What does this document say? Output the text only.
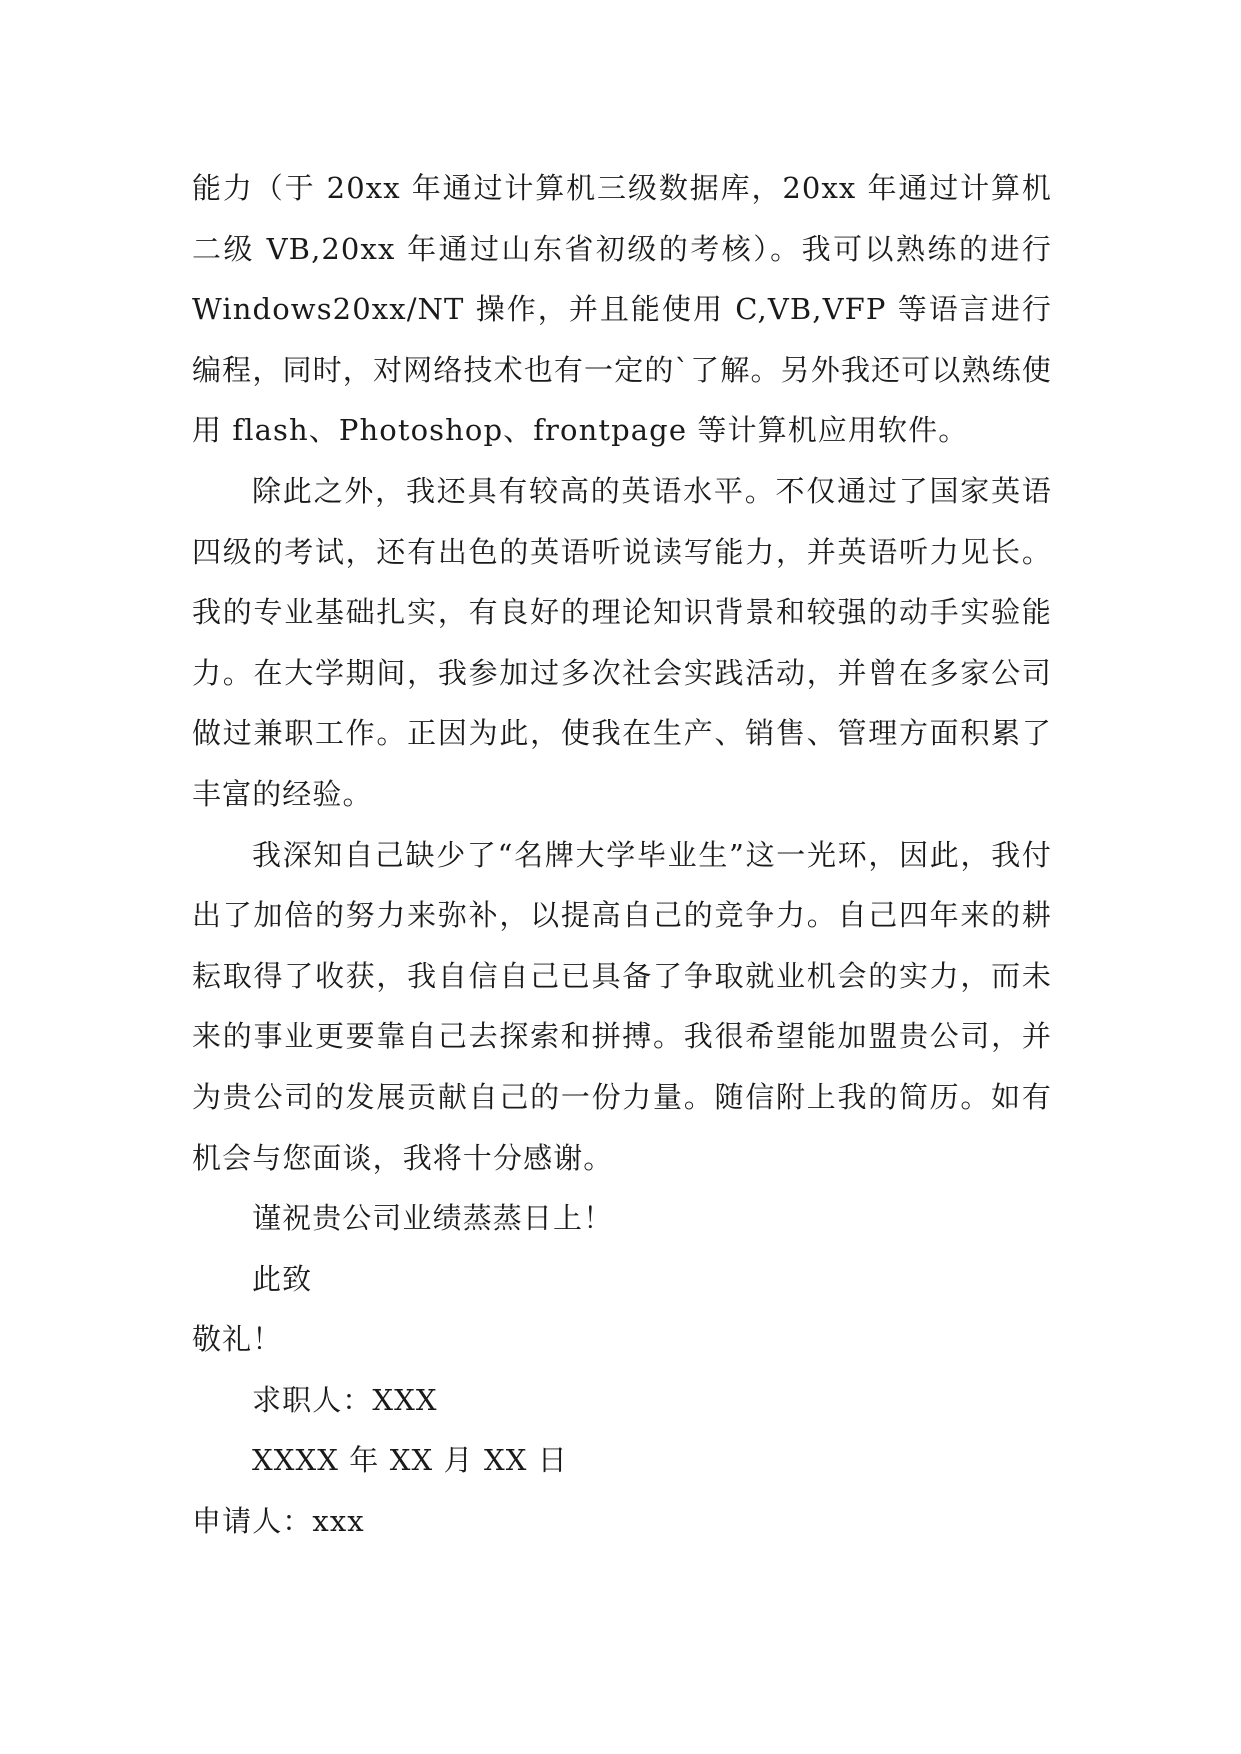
能力（于 20xx 年通过计算机三级数据库，20xx 年通过计算机二级 VB,20xx 年通过山东省初级的考核）。我可以熟练的进行 Windows20xx/NT 操作，并且能使用 C,VB,VFP 等语言进行编程，同时，对网络技术也有一定的`了解。另外我还可以熟练使用 flash、Photoshop、frontpage 等计算机应用软件。

除此之外，我还具有较高的英语水平。不仅通过了国家英语四级的考试，还有出色的英语听说读写能力，并英语听力见长。我的专业基础扎实，有良好的理论知识背景和较强的动手实验能力。在大学期间，我参加过多次社会实践活动，并曾在多家公司做过兼职工作。正因为此，使我在生产、销售、管理方面积累了丰富的经验。

我深知自己缺少了“名牌大学毕业生”这一光环，因此，我付出了加倍的努力来弥补，以提高自己的竞争力。自己四年来的耕耘取得了收获，我自信自己已具备了争取就业机会的实力，而未来的事业更要靠自己去探索和拼搏。我很希望能加盟贵公司，并为贵公司的发展贡献自己的一份力量。随信附上我的简历。如有机会与您面谈，我将十分感谢。

谨祝贵公司业绩蒸蒸日上！

此致

敬礼！

求职人：XXX

XXXX 年 XX 月 XX 日

申请人：xxx
